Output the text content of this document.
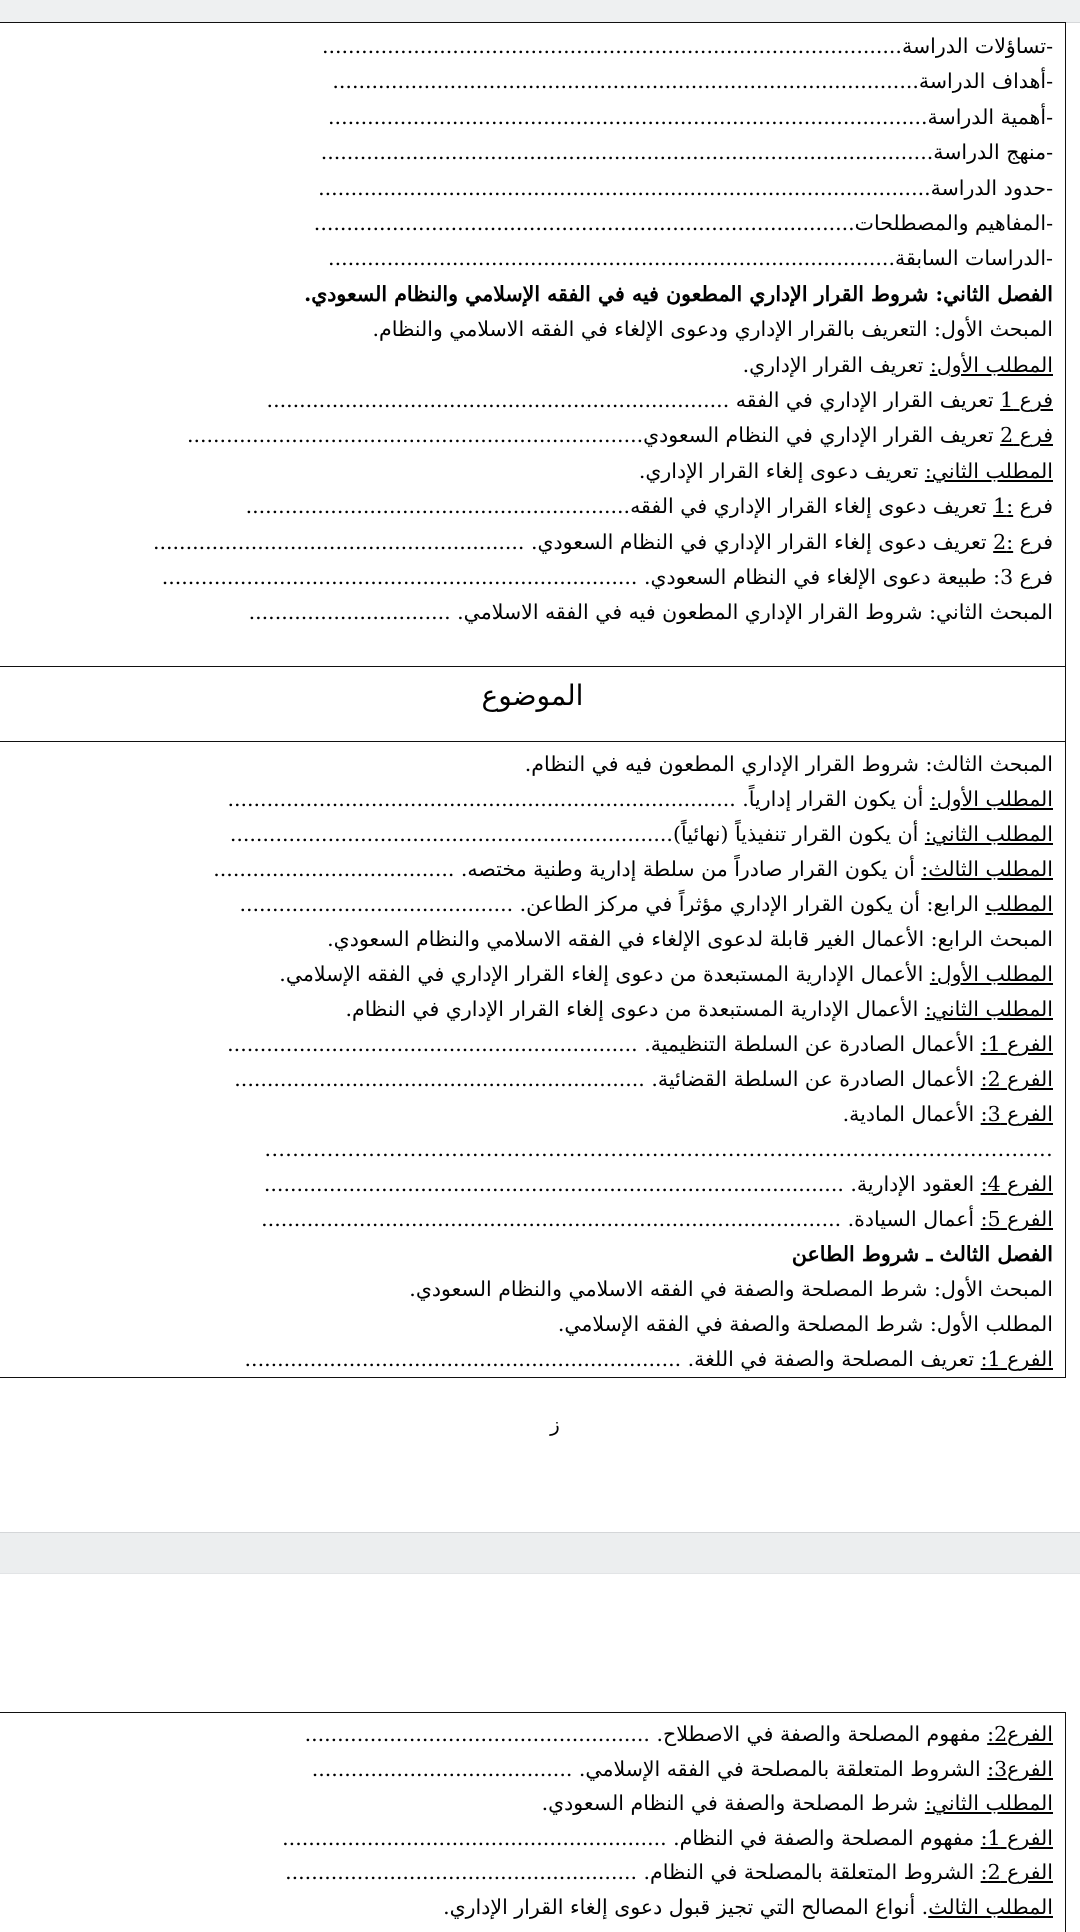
-تساؤلات الدراسة.........................................................................................
-أهداف الدراسة..........................................................................................
-أهمية الدراسة............................................................................................
-منهج الدراسة..............................................................................................
-حدود الدراسة..............................................................................................
-المفاهيم والمصطلحات...................................................................................
-الدراسات السابقة.......................................................................................
الفصل الثاني: شروط القرار الإداري المطعون فيه في الفقه الإسلامي والنظام السعودي.
المبحث الأول: التعريف بالقرار الإداري ودعوى الإلغاء في الفقه الاسلامي والنظام.
المطلب الأول: تعريف القرار الإداري.
فرع 1 تعريف القرار الإداري في الفقه .......................................................................
فرع 2 تعريف القرار الإداري في النظام السعودي......................................................................
المطلب الثاني: تعريف دعوى إلغاء القرار الإداري.
فرع :1 تعريف دعوى إلغاء القرار الإداري في الفقه...........................................................
فرع :2 تعريف دعوى إلغاء القرار الإداري في النظام السعودي. .........................................................
فرع 3: طبيعة دعوى الإلغاء في النظام السعودي. .........................................................................
المبحث الثاني: شروط القرار الإداري المطعون فيه في الفقه الاسلامي. ...............................
الموضوع
المبحث الثالث: شروط القرار الإداري المطعون فيه في النظام.
المطلب الأول: أن يكون القرار إدارياً. ..............................................................................
المطلب الثاني: أن يكون القرار تنفيذياً (نهائياً)....................................................................
المطلب الثالث: أن يكون القرار صادراً من سلطة إدارية وطنية مختصه. .....................................
المطلب الرابع: أن يكون القرار الإداري مؤثراً في مركز الطاعن. ..........................................
المبحث الرابع: الأعمال الغير قابلة لدعوى الإلغاء في الفقه الاسلامي والنظام السعودي.
المطلب الأول: الأعمال الإدارية المستبعدة من دعوى إلغاء القرار الإداري في الفقه الإسلامي.
المطلب الثاني: الأعمال الإدارية المستبعدة من دعوى إلغاء القرار الإداري في النظام.
الفرع 1: الأعمال الصادرة عن السلطة التنظيمية. ...............................................................
الفرع 2: الأعمال الصادرة عن السلطة القضائية. ...............................................................
الفرع 3: الأعمال المادية.
..................................................................................................................
الفرع 4: العقود الإدارية. .........................................................................................
الفرع 5: أعمال السيادة. .........................................................................................
الفصل الثالث ـ شروط الطاعن
المبحث الأول: شرط المصلحة والصفة في الفقه الاسلامي والنظام السعودي.
المطلب الأول: شرط المصلحة والصفة في الفقه الإسلامي.
الفرع 1: تعريف المصلحة والصفة في اللغة. ...................................................................
ز
الفرع2: مفهوم المصلحة والصفة في الاصطلاح. .....................................................
الفرع3: الشروط المتعلقة بالمصلحة في الفقه الإسلامي. ........................................
المطلب الثاني: شرط المصلحة والصفة في النظام السعودي.
الفرع 1: مفهوم المصلحة والصفة في النظام. ...........................................................
الفرع 2: الشروط المتعلقة بالمصلحة في النظام. ......................................................
المطلب الثالث. أنواع المصالح التي تجيز قبول دعوى إلغاء القرار الإداري.
